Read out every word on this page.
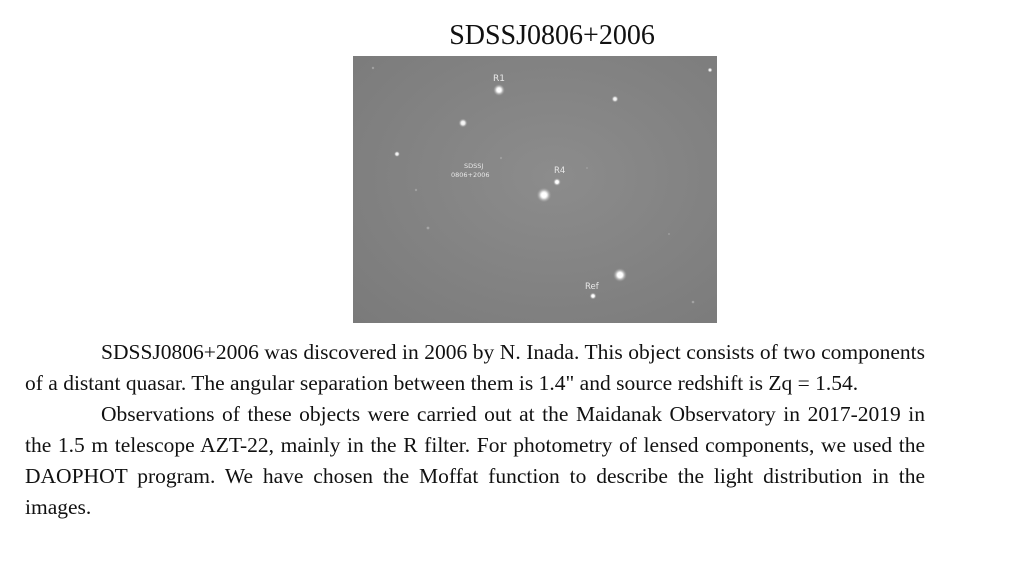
SDSSJ0806+2006
R1
SDSSJ
0806+2006	R4
Ref

SDSSJ0806+2006 was discovered in 2006 by N. Inada. This object consists of two components of a distant quasar. The angular separation between them is 1.4" and source redshift is Zq = 1.54.

Observations of these objects were carried out at the Maidanak Observatory in 2017-2019 in the 1.5 m telescope AZT-22, mainly in the R filter. For photometry of lensed components, we used the DAOPHOT program. We have chosen the Moffat function to describe the light distribution in the images.
